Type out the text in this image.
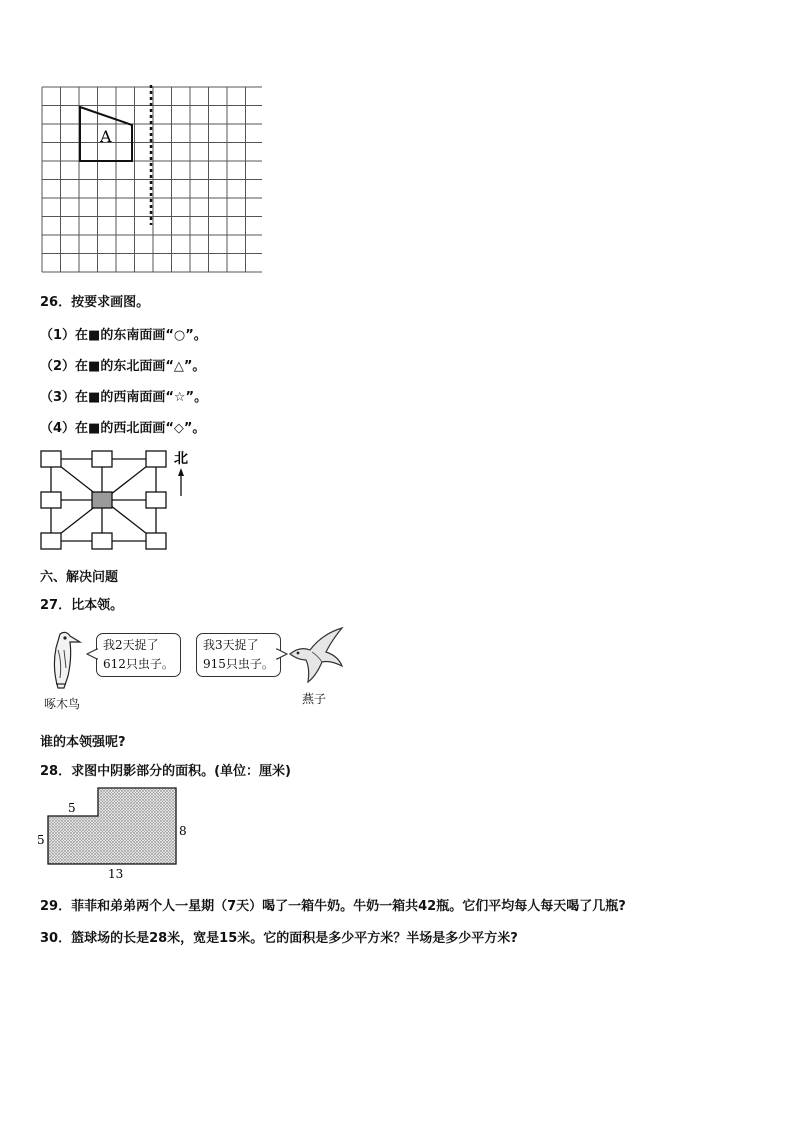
A
26．按要求画图。
（1）在■的东南面画“○”。
（2）在■的东北面画“△”。
（3）在■的西南面画“☆”。
（4）在■的西北面画“◇”。
北
六、解决问题
27．比本领。
啄木鸟
我2天捉了
612只虫子。
我3天捉了
915只虫子。
燕子
谁的本领强呢?
28．求图中阴影部分的面积。(单位：厘米)
5
5
8
13
29．菲菲和弟弟两个人一星期（7天）喝了一箱牛奶。牛奶一箱共42瓶。它们平均每人每天喝了几瓶?
30．篮球场的长是28米，宽是15米。它的面积是多少平方米？半场是多少平方米?
